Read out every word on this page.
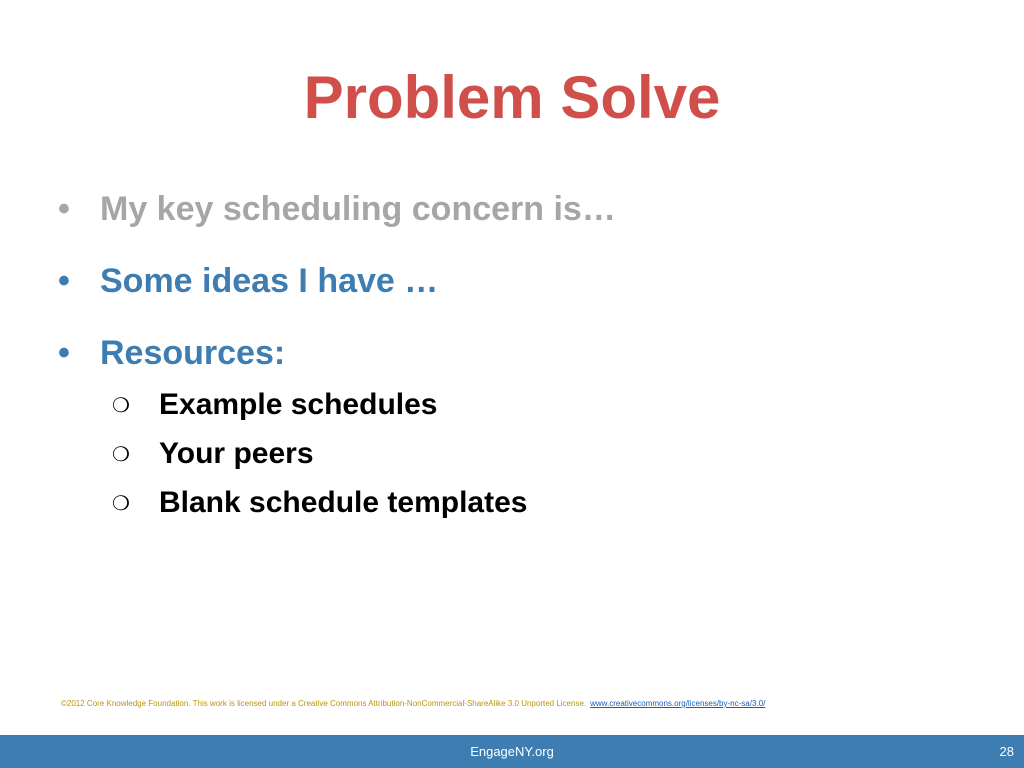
Problem Solve
• My key scheduling concern is…
• Some ideas I have …
• Resources:
❍ Example schedules
❍ Your peers
❍ Blank schedule templates
©2012 Core Knowledge Foundation. This work is licensed under a Creative Commons Attribution-NonCommercial-ShareAlike 3.0 Unported License. www.creativecommons.org/licenses/by-nc-sa/3.0/
EngageNY.org	28
